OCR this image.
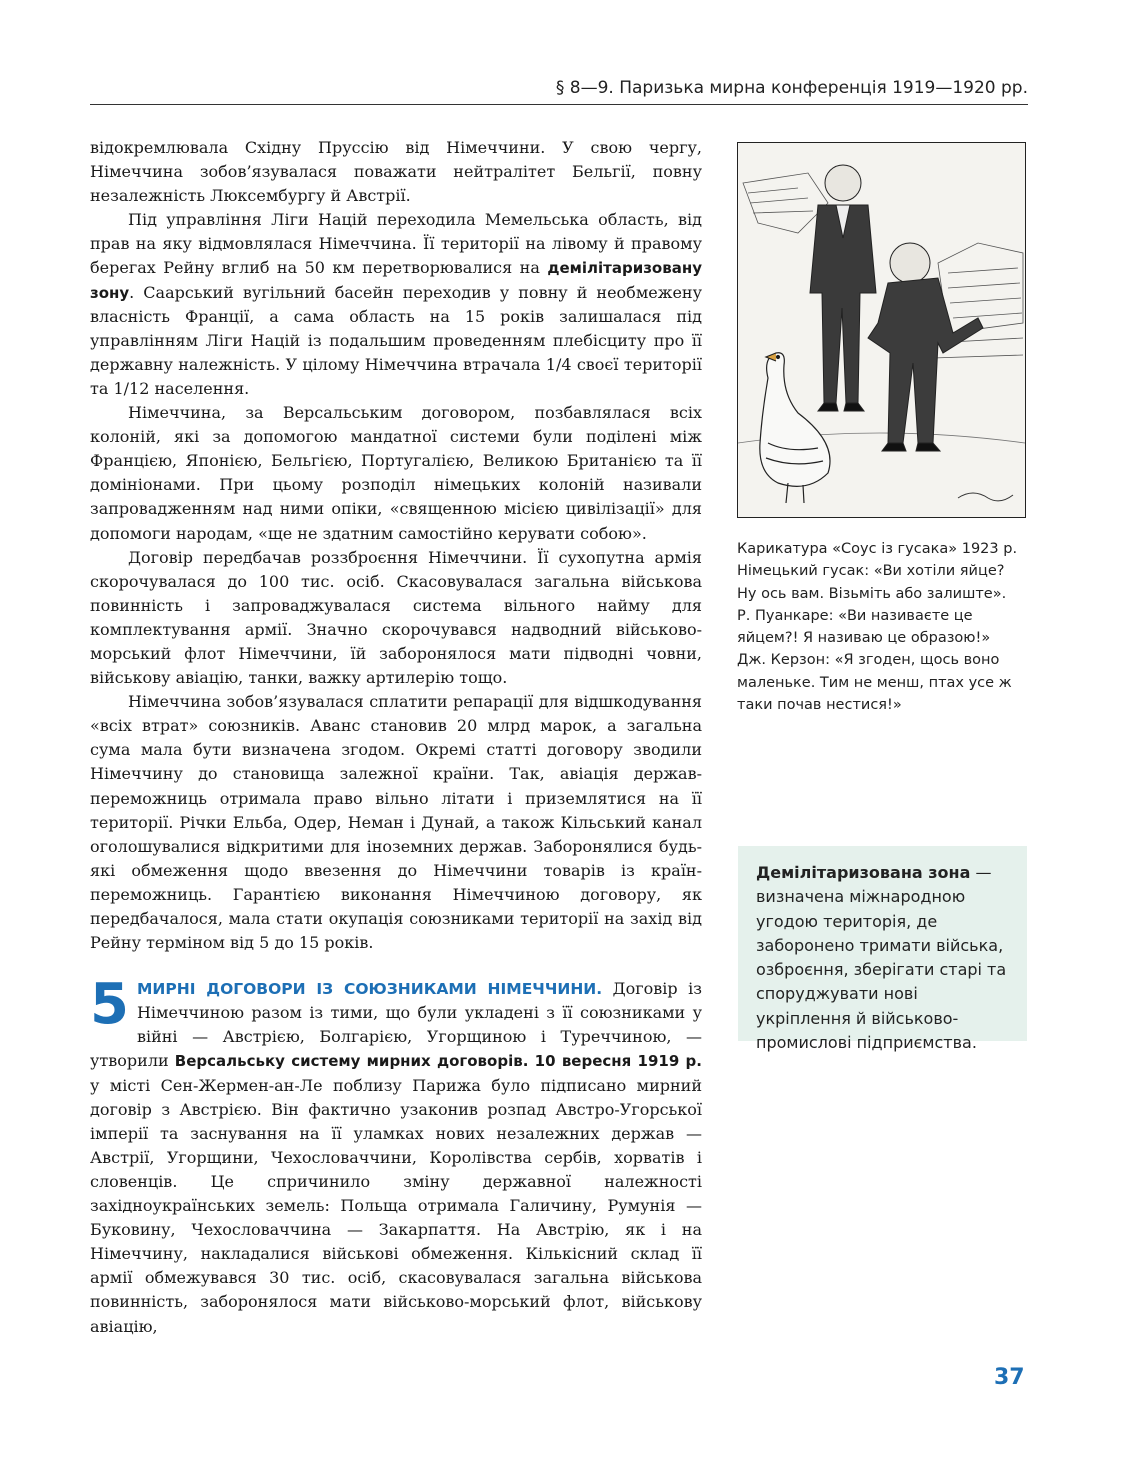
§ 8—9. Паризька мирна конференція 1919—1920 рр.

відокремлювала Східну Пруссію від Німеччини. У свою чергу, Німеччина зобов’язувалася поважати нейтралітет Бельгії, повну незалежність Люксембургу й Австрії.

Під управління Ліги Націй переходила Мемельська область, від прав на яку відмовлялася Німеччина. Її території на лівому й правому берегах Рейну вглиб на 50 км перетворювалися на демілітаризовану зону. Саарський вугільний басейн переходив у повну й необмежену власність Франції, а сама область на 15 років залишалася під управлінням Ліги Націй із подальшим проведенням плебісциту про її державну належність. У цілому Німеччина втрачала 1/4 своєї території та 1/12 населення.

Німеччина, за Версальським договором, позбавлялася всіх колоній, які за допомогою мандатної системи були поділені між Францією, Японією, Бельгією, Португалією, Великою Британією та її домініонами. При цьому розподіл німецьких колоній називали запровадженням над ними опіки, «священною місією цивілізації» для допомоги народам, «ще не здатним самостійно керувати собою».

Договір передбачав роззброєння Німеччини. Її сухопутна армія скорочувалася до 100 тис. осіб. Скасовувалася загальна військова повинність і запроваджувалася система вільного найму для комплектування армії. Значно скорочувався надводний військово-морський флот Німеччини, їй заборонялося мати підводні човни, військову авіацію, танки, важку артилерію тощо.

Німеччина зобов’язувалася сплатити репарації для відшкодування «всіх втрат» союзників. Аванс становив 20 млрд марок, а загальна сума мала бути визначена згодом. Окремі статті договору зводили Німеччину до становища залежної країни. Так, авіація держав-переможниць отримала право вільно літати і приземлятися на її території. Річки Ельба, Одер, Неман і Дунай, а також Кільський канал оголошувалися відкритими для іноземних держав. Заборонялися будь-які обмеження щодо ввезення до Німеччини товарів із країн-переможниць. Гарантією виконання Німеччиною договору, як передбачалося, мала стати окупація союзниками території на захід від Рейну терміном від 5 до 15 років.

5 МИРНІ ДОГОВОРИ ІЗ СОЮЗНИКАМИ НІМЕЧЧИНИ. Договір із Німеччиною разом із тими, що були укладені з її союзниками у війні — Австрією, Болгарією, Угорщиною і Туреччиною, — утворили Версальську систему мирних договорів. 10 вересня 1919 р. у місті Сен-Жермен-ан-Ле поблизу Парижа було підписано мирний договір з Австрією. Він фактично узаконив розпад Австро-Угорської імперії та заснування на її уламках нових незалежних держав — Австрії, Угорщини, Чехословаччини, Королівства сербів, хорватів і словенців. Це спричинило зміну державної належності західноукраїнських земель: Польща отримала Галичину, Румунія — Буковину, Чехословаччина — Закарпаття. На Австрію, як і на Німеччину, накладалися військові обмеження. Кількісний склад її армії обмежувався 30 тис. осіб, скасовувалася загальна військова повинність, заборонялося мати військово-морський флот, військову авіацію,

Карикатура «Соус із гусака» 1923 р.
Німецький гусак: «Ви хотіли яйце?
Ну ось вам. Візьміть або залиште».
Р. Пуанкаре: «Ви називаєте це
яйцем?! Я називаю це образою!»
Дж. Керзон: «Я згоден, щось воно
маленьке. Тим не менш, птах усе ж
таки почав нестися!»
Демілітаризована зона — визначена міжнародною угодою територія, де заборонено тримати війська, озброєння, зберігати старі та споруджувати нові укріплення й військово-промислові підприємства.
37
